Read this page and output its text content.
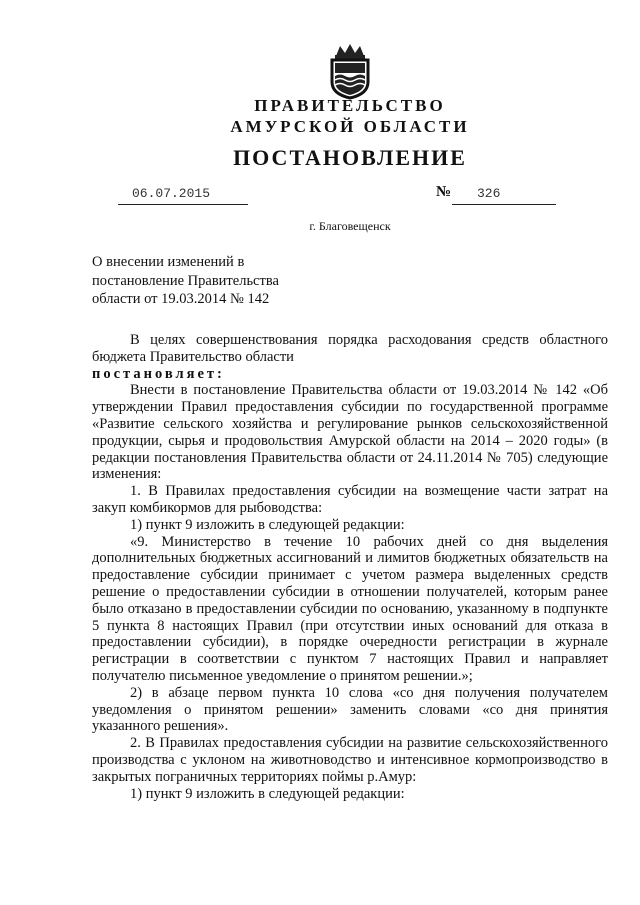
ПРАВИТЕЛЬСТВО
АМУРСКОЙ ОБЛАСТИ
ПОСТАНОВЛЕНИЕ
06.07.2015	№ 326
г. Благовещенск
О внесении изменений в
постановление Правительства
области от 19.03.2014 № 142

В целях совершенствования порядка расходования средств областного бюджета Правительство области

постановляет:

Внести в постановление Правительства области от 19.03.2014 № 142 «Об утверждении Правил предоставления субсидии по государственной программе «Развитие сельского хозяйства и регулирование рынков сельскохозяйственной продукции, сырья и продовольствия Амурской области на 2014 – 2020 годы» (в редакции постановления Правительства области от 24.11.2014 № 705) следующие изменения:

1. В Правилах предоставления субсидии на возмещение части затрат на закуп комбикормов для рыбоводства:

1) пункт 9 изложить в следующей редакции:

«9. Министерство в течение 10 рабочих дней со дня выделения дополнительных бюджетных ассигнований и лимитов бюджетных обязательств на предоставление субсидии принимает с учетом размера выделенных средств решение о предоставлении субсидии в отношении получателей, которым ранее было отказано в предоставлении субсидии по основанию, указанному в подпункте 5 пункта 8 настоящих Правил (при отсутствии иных оснований для отказа в предоставлении субсидии), в порядке очередности регистрации в журнале регистрации в соответствии с пунктом 7 настоящих Правил и направляет получателю письменное уведомление о принятом решении.»;

2) в абзаце первом пункта 10 слова «со дня получения получателем уведомления о принятом решении» заменить словами «со дня принятия указанного решения».

2. В Правилах предоставления субсидии на развитие сельскохозяйственного производства с уклоном на животноводство и интенсивное кормопроизводство в закрытых пограничных территориях поймы р.Амур:

1) пункт 9 изложить в следующей редакции:
